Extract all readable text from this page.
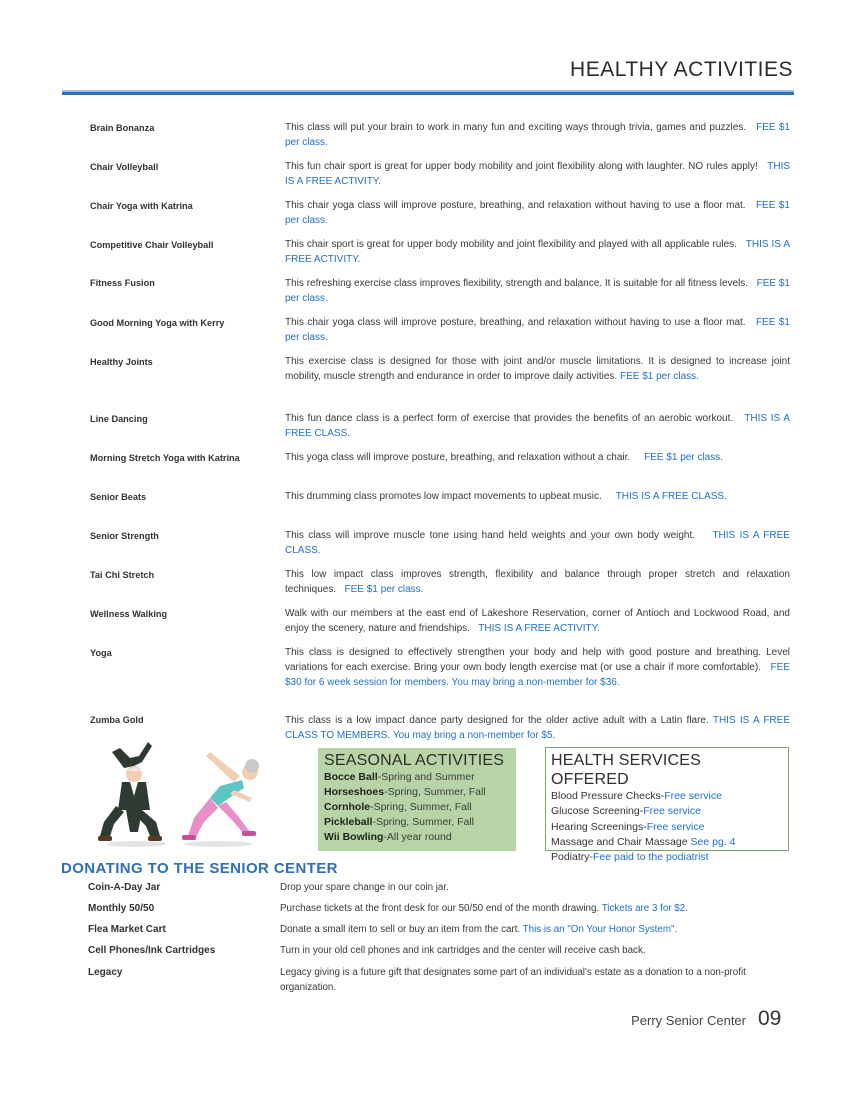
HEALTHY ACTIVITIES
Brain Bonanza	This class will put your brain to work in many fun and exciting ways through trivia, games and puzzles. FEE $1 per class.
Chair Volleyball	This fun chair sport is great for upper body mobility and joint flexibility along with laughter. NO rules apply! THIS IS A FREE ACTIVITY.
Chair Yoga with Katrina	This chair yoga class will improve posture, breathing, and relaxation without having to use a floor mat. FEE $1 per class.
Competitive Chair Volleyball	This chair sport is great for upper body mobility and joint flexibility and played with all applicable rules. THIS IS A FREE ACTIVITY.
Fitness Fusion	This refreshing exercise class improves flexibility, strength and balance. It is suitable for all fitness levels. FEE $1 per class.
Good Morning Yoga with Kerry	This chair yoga class will improve posture, breathing, and relaxation without having to use a floor mat. FEE $1 per class.
Healthy Joints	This exercise class is designed for those with joint and/or muscle limitations. It is designed to increase joint mobility, muscle strength and endurance in order to improve daily activities. FEE $1 per class.
Line Dancing	This fun dance class is a perfect form of exercise that provides the benefits of an aerobic workout. THIS IS A FREE CLASS.
Morning Stretch Yoga with Katrina	This yoga class will improve posture, breathing, and relaxation without a chair. FEE $1 per class.
Senior Beats	This drumming class promotes low impact movements to upbeat music. THIS IS A FREE CLASS.
Senior Strength	This class will improve muscle tone using hand held weights and your own body weight. THIS IS A FREE CLASS.
Tai Chi Stretch	This low impact class improves strength, flexibility and balance through proper stretch and relaxation techniques. FEE $1 per class.
Wellness Walking	Walk with our members at the east end of Lakeshore Reservation, corner of Antioch and Lockwood Road, and enjoy the scenery, nature and friendships. THIS IS A FREE ACTIVITY.
Yoga	This class is designed to effectively strengthen your body and help with good posture and breathing. Level variations for each exercise. Bring your own body length exercise mat (or use a chair if more comfortable). FEE $30 for 6 week session for members. You may bring a non-member for $36.
Zumba Gold	This class is a low impact dance party designed for the older active adult with a Latin flare. THIS IS A FREE CLASS TO MEMBERS. You may bring a non-member for $5.
SEASONAL ACTIVITIES
Bocce Ball-Spring and Summer
Horseshoes-Spring, Summer, Fall
Cornhole-Spring, Summer, Fall
Pickleball-Spring, Summer, Fall
Wii Bowling-All year round
HEALTH SERVICES OFFERED
Blood Pressure Checks-Free service
Glucose Screening-Free service
Hearing Screenings-Free service
Massage and Chair Massage See pg. 4
Podiatry-Fee paid to the podiatrist
DONATING TO THE SENIOR CENTER
Coin-A-Day Jar	Drop your spare change in our coin jar.
Monthly 50/50	Purchase tickets at the front desk for our 50/50 end of the month drawing. Tickets are 3 for $2.
Flea Market Cart	Donate a small item to sell or buy an item from the cart. This is an "On Your Honor System".
Cell Phones/Ink Cartridges	Turn in your old cell phones and ink cartridges and the center will receive cash back.
Legacy	Legacy giving is a future gift that designates some part of an individual's estate as a donation to a non-profit organization.
Perry Senior Center 09
